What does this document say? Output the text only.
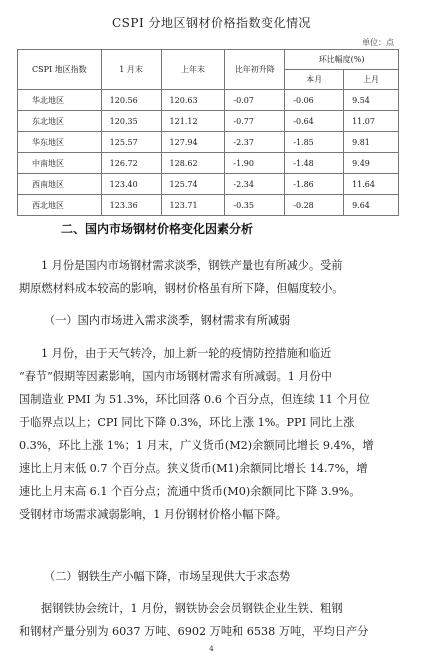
CSPI 分地区钢材价格指数变化情况
单位：点
CSPI 地区指数	1 月末	上年末	比年初升降	环比幅度(%)	
				本月	上月
华北地区	120.56	120.63	-0.07	-0.06	9.54
东北地区	120.35	121.12	-0.77	-0.64	11.07
华东地区	125.57	127.94	-2.37	-1.85	9.81
中南地区	126.72	128.62	-1.90	-1.48	9.49
西南地区	123.40	125.74	-2.34	-1.86	11.64
西北地区	123.36	123.71	-0.35	-0.28	9.64
二、国内市场钢材价格变化因素分析

1 月份是国内市场钢材需求淡季，钢铁产量也有所减少。受前

期原燃材料成本较高的影响，钢材价格虽有所下降，但幅度较小。

（一）国内市场进入需求淡季，钢材需求有所减弱

1 月份，由于天气转冷，加上新一轮的疫情防控措施和临近

“春节”假期等因素影响，国内市场钢材需求有所减弱。1 月份中

国制造业 PMI 为 51.3%，环比回落 0.6 个百分点，但连续 11 个月位

于临界点以上；CPI 同比下降 0.3%，环比上涨 1%。PPI 同比上涨

0.3%，环比上涨 1%；1 月末，广义货币(M2)余额同比增长 9.4%，增

速比上月末低 0.7 个百分点。狭义货币(M1)余额同比增长 14.7%，增

速比上月末高 6.1 个百分点；流通中货币(M0)余额同比下降 3.9%。

受钢材市场需求减弱影响，1 月份钢材价格小幅下降。

（二）钢铁生产小幅下降，市场呈现供大于求态势

据钢铁协会统计，1 月份，钢铁协会会员钢铁企业生铁、粗钢

和钢材产量分别为 6037 万吨、6902 万吨和 6538 万吨，平均日产分

4
